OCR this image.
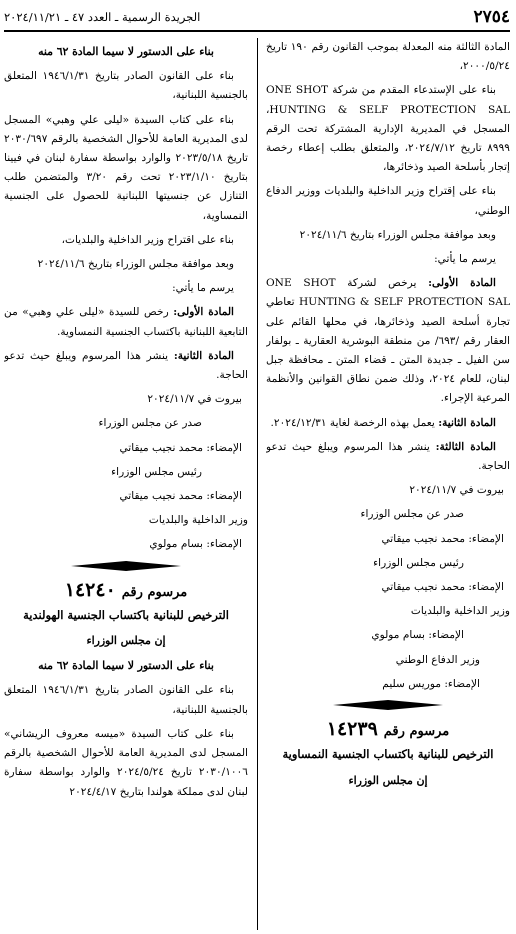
٢٧٥٤
الجريدة الرسمية ـ العدد ٤٧ ـ ٢٠٢٤/١١/٢١

المادة الثالثة منه المعدلة بموجب القانون رقم ١٩٠ تاريخ ٢٠٠٠/٥/٢٤،

بناء على الإستدعاء المقدم من شركة ONE SHOT HUNTING & SELF PROTECTION SAL، المسجل في المديرية الإدارية المشتركة تحت الرقم ٨٩٩٩ تاريخ ٢٠٢٤/٧/١٢، والمتعلق بطلب إعطاء رخصة إتجار بأسلحة الصيد وذخائرها،

بناء على إقتراح وزير الداخلية والبلديات ووزير الدفاع الوطني،

وبعد موافقة مجلس الوزراء بتاريخ ٢٠٢٤/١١/٦

يرسم ما يأتي:

المادة الأولى: يرخص لشركة ONE SHOT HUNTING & SELF PROTECTION SAL تعاطي تجارة أسلحة الصيد وذخائرها، في محلها القائم على العقار رقم /٦٩٣/ من منطقة البوشرية العقارية ـ بولفار سن الفيل ـ جديدة المتن ـ قضاء المتن ـ محافظة جبل لبنان، للعام ٢٠٢٤، وذلك ضمن نطاق القوانين والأنظمة المرعية الإجراء.

المادة الثانية: يعمل بهذه الرخصة لغاية ٢٠٢٤/١٢/٣١.

المادة الثالثة: ينشر هذا المرسوم ويبلغ حيث تدعو الحاجة.

بيروت في ٢٠٢٤/١١/٧
صدر عن مجلس الوزراء
الإمضاء: محمد نجيب ميقاتي
رئيس مجلس الوزراء
الإمضاء: محمد نجيب ميقاتي
وزير الداخلية والبلديات
الإمضاء: بسام مولوي
وزير الدفاع الوطني
الإمضاء: موريس سليم
مرسوم رقم
١٤٢٣٩

الترخيص للبنانية باكتساب الجنسية النمساوية

إن مجلس الوزراء

بناء على الدستور لا سيما المادة ٦٢ منه

بناء على القانون الصادر بتاريخ ١٩٤٦/١/٣١ المتعلق بالجنسية اللبنانية،

بناء على كتاب السيدة «ليلى علي وهبي» المسجل لدى المديرية العامة للأحوال الشخصية بالرقم ٢٠٣٠/٦٩٧ تاريخ ٢٠٢٣/٥/١٨ والوارد بواسطة سفارة لبنان في فيينا بتاريخ ٢٠٢٣/١/١٠ تحت رقم ٣/٢٠ والمتضمن طلب التنازل عن جنسيتها اللبنانية للحصول على الجنسية النمساوية،

بناء على اقتراح وزير الداخلية والبلديات،

وبعد موافقة مجلس الوزراء بتاريخ ٢٠٢٤/١١/٦

يرسم ما يأتي:

المادة الأولى: رخص للسيدة «ليلى علي وهبي» من التابعية اللبنانية باكتساب الجنسية النمساوية.

المادة الثانية: ينشر هذا المرسوم ويبلغ حيث تدعو الحاجة.

بيروت في ٢٠٢٤/١١/٧
صدر عن مجلس الوزراء
الإمضاء: محمد نجيب ميقاتي
رئيس مجلس الوزراء
الإمضاء: محمد نجيب ميقاتي
وزير الداخلية والبلديات
الإمضاء: بسام مولوي
مرسوم رقم
١٤٢٤٠

الترخيص للبنانية باكتساب الجنسية الهولندية

إن مجلس الوزراء

بناء على الدستور لا سيما المادة ٦٢ منه

بناء على القانون الصادر بتاريخ ١٩٤٦/١/٣١ المتعلق بالجنسية اللبنانية،

بناء على كتاب السيدة «ميسه معروف الريشاني» المسجل لدى المديرية العامة للأحوال الشخصية بالرقم ٢٠٣٠/١٠٠٦ تاريخ ٢٠٢٤/٥/٢٤ والوارد بواسطة سفارة لبنان لدى مملكة هولندا بتاريخ ٢٠٢٤/٤/١٧
